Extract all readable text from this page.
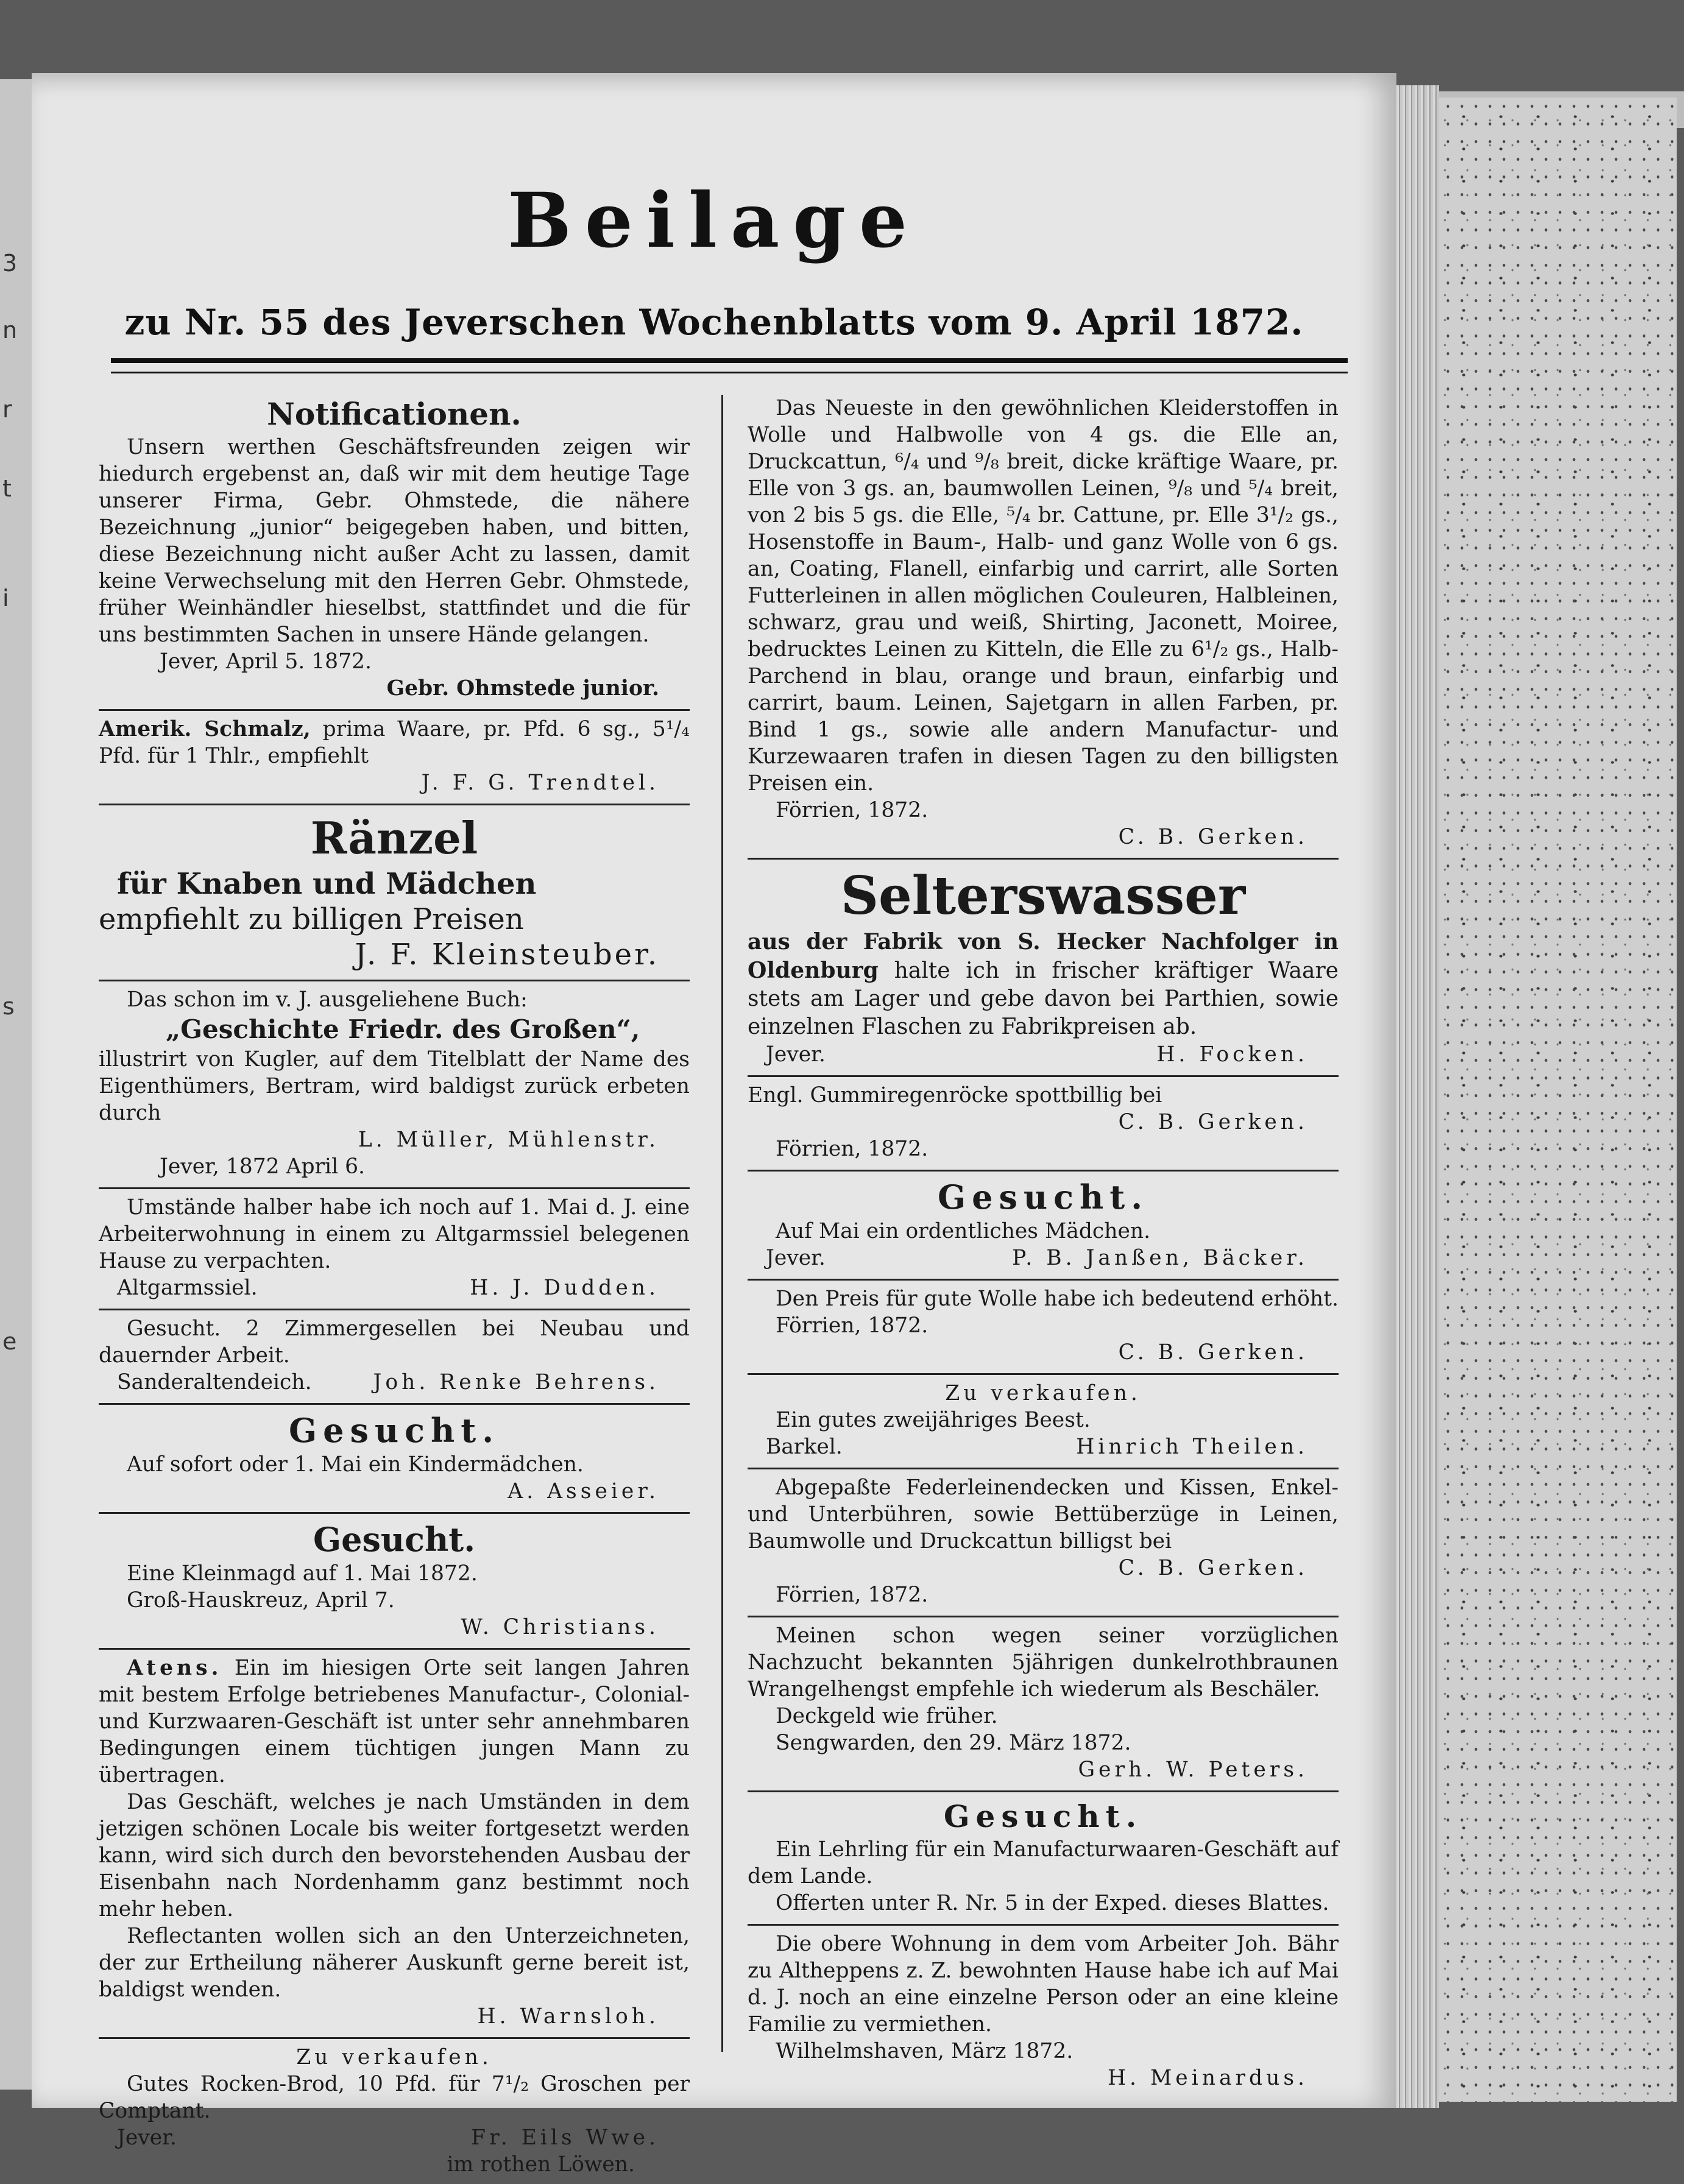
3
n
r
t
i
s
e
Beilage
zu Nr. 55 des Jeverschen Wochenblatts vom 9. April 1872.
Notificationen.

Unsern werthen Geschäftsfreunden zeigen wir hiedurch ergebenst an, daß wir mit dem heutige Tage unserer Firma, Gebr. Ohmstede, die nähere Bezeichnung „junior“ beigegeben haben, und bitten, diese Bezeichnung nicht außer Acht zu lassen, damit keine Verwechselung mit den Herren Gebr. Ohmstede, früher Weinhändler hieselbst, stattfindet und die für uns bestimmten Sachen in unsere Hände gelangen.

Jever, April 5. 1872.

Gebr. Ohmstede junior.

Amerik. Schmalz, prima Waare, pr. Pfd. 6 sg., 5¹/₄ Pfd. für 1 Thlr., empfiehlt

J. F. G. Trendtel.

Ränzel
für Knaben und Mädchen
empfiehlt zu billigen Preisen
J. F. Kleinsteuber.

Das schon im v. J. ausgeliehene Buch:

„Geschichte Friedr. des Großen“,

illustrirt von Kugler, auf dem Titelblatt der Name des Eigenthümers, Bertram, wird baldigst zurück erbeten durch

L. Müller, Mühlenstr.

Jever, 1872 April 6.

Umstände halber habe ich noch auf 1. Mai d. J. eine Arbeiterwohnung in einem zu Altgarmssiel belegenen Hause zu verpachten.

Altgarmssiel.	H. J. Dudden.

Gesucht. 2 Zimmergesellen bei Neubau und dauernder Arbeit.

Sanderaltendeich.	Joh. Renke Behrens.
Gesucht.

Auf sofort oder 1. Mai ein Kindermädchen.

A. Asseier.

Gesucht.

Eine Kleinmagd auf 1. Mai 1872.

Groß-Hauskreuz, April 7.

W. Christians.

Atens. Ein im hiesigen Orte seit langen Jahren mit bestem Erfolge betriebenes Manufactur-, Colonial- und Kurzwaaren-Geschäft ist unter sehr annehmbaren Bedingungen einem tüchtigen jungen Mann zu übertragen.

Das Geschäft, welches je nach Umständen in dem jetzigen schönen Locale bis weiter fortgesetzt werden kann, wird sich durch den bevorstehenden Ausbau der Eisenbahn nach Nordenhamm ganz bestimmt noch mehr heben.

Reflectanten wollen sich an den Unterzeichneten, der zur Ertheilung näherer Auskunft gerne bereit ist, baldigst wenden.

H. Warnsloh.

Zu verkaufen.

Gutes Rocken-Brod, 10 Pfd. für 7¹/₂ Groschen per Comptant.

Jever.	Fr. Eils Wwe.

im rothen Löwen.

Das Neueste in den gewöhnlichen Kleiderstoffen in Wolle und Halbwolle von 4 gs. die Elle an, Druckcattun, ⁶/₄ und ⁹/₈ breit, dicke kräftige Waare, pr. Elle von 3 gs. an, baumwollen Leinen, ⁹/₈ und ⁵/₄ breit, von 2 bis 5 gs. die Elle, ⁵/₄ br. Cattune, pr. Elle 3¹/₂ gs., Hosenstoffe in Baum-, Halb- und ganz Wolle von 6 gs. an, Coating, Flanell, einfarbig und carrirt, alle Sorten Futterleinen in allen möglichen Couleuren, Halbleinen, schwarz, grau und weiß, Shirting, Jaconett, Moiree, bedrucktes Leinen zu Kitteln, die Elle zu 6¹/₂ gs., Halb-Parchend in blau, orange und braun, einfarbig und carrirt, baum. Leinen, Sajetgarn in allen Farben, pr. Bind 1 gs., sowie alle andern Manufactur- und Kurzewaaren trafen in diesen Tagen zu den billigsten Preisen ein.

Förrien, 1872.

C. B. Gerken.

Selterswasser

aus der Fabrik von S. Hecker Nachfolger in Oldenburg halte ich in frischer kräftiger Waare stets am Lager und gebe davon bei Parthien, sowie einzelnen Flaschen zu Fabrikpreisen ab.

Jever.	H. Focken.

Engl. Gummiregenröcke spottbillig bei

C. B. Gerken.

Förrien, 1872.

Gesucht.

Auf Mai ein ordentliches Mädchen.

Jever.	P. B. Janßen, Bäcker.

Den Preis für gute Wolle habe ich bedeutend erhöht.

Förrien, 1872.

C. B. Gerken.

Zu verkaufen.

Ein gutes zweijähriges Beest.

Barkel.	Hinrich Theilen.

Abgepaßte Federleinendecken und Kissen, Enkel- und Unterbühren, sowie Bettüberzüge in Leinen, Baumwolle und Druckcattun billigst bei

C. B. Gerken.

Förrien, 1872.

Meinen schon wegen seiner vorzüglichen Nachzucht bekannten 5jährigen dunkelrothbraunen Wrangelhengst empfehle ich wiederum als Beschäler.

Deckgeld wie früher.

Sengwarden, den 29. März 1872.

Gerh. W. Peters.

Gesucht.

Ein Lehrling für ein Manufacturwaaren-Geschäft auf dem Lande.

Offerten unter R. Nr. 5 in der Exped. dieses Blattes.

Die obere Wohnung in dem vom Arbeiter Joh. Bähr zu Altheppens z. Z. bewohnten Hause habe ich auf Mai d. J. noch an eine einzelne Person oder an eine kleine Familie zu vermiethen.

Wilhelmshaven, März 1872.

H. Meinardus.
